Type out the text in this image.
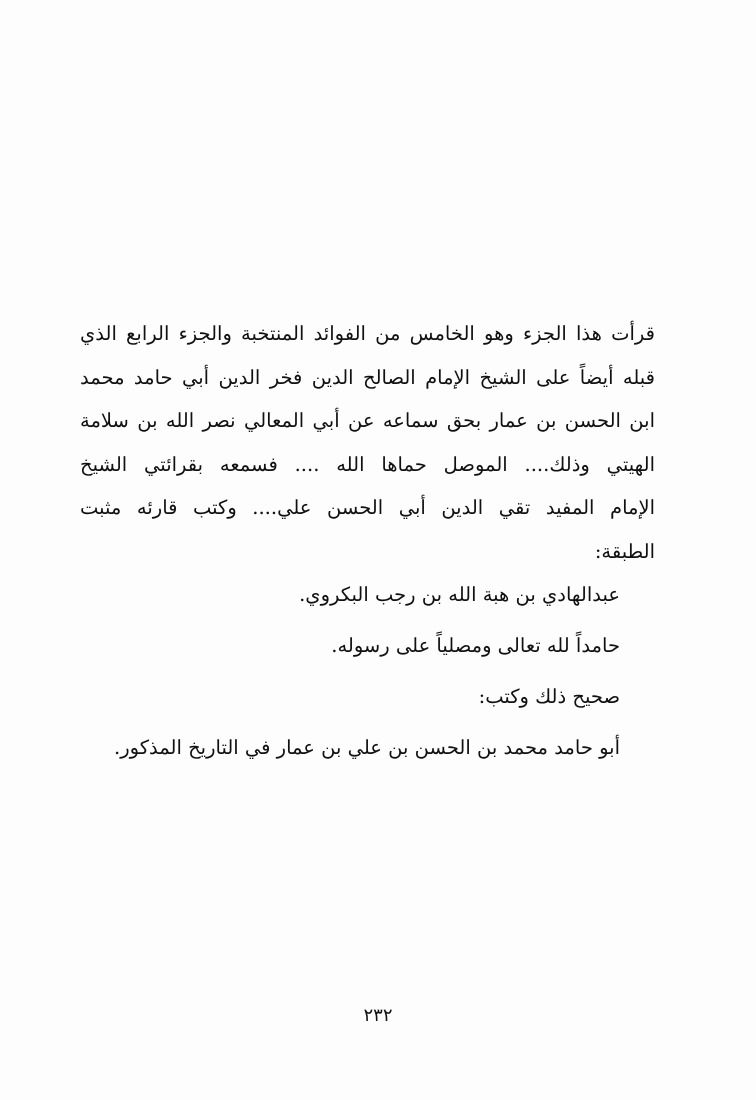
قرأت هذا الجزء وهو الخامس من الفوائد المنتخبة والجزء الرابع الذي
قبله أيضاً على الشيخ الإمام الصالح الدين فخر الدين أبي حامد محمد
ابن الحسن بن عمار بحق سماعه عن أبي المعالي نصر الله بن سلامة
الهيتي وذلك.... الموصل حماها الله .... فسمعه بقرائتي الشيخ
الإمام المفيد تقي الدين أبي الحسن علي.... وكتب قارئه مثبت
الطبقة:
عبدالهادي بن هبة الله بن رجب البكروي.
حامداً لله تعالى ومصلياً على رسوله.
صحيح ذلك وكتب:
أبو حامد محمد بن الحسن بن علي بن عمار في التاريخ المذكور.
٢٣٢
